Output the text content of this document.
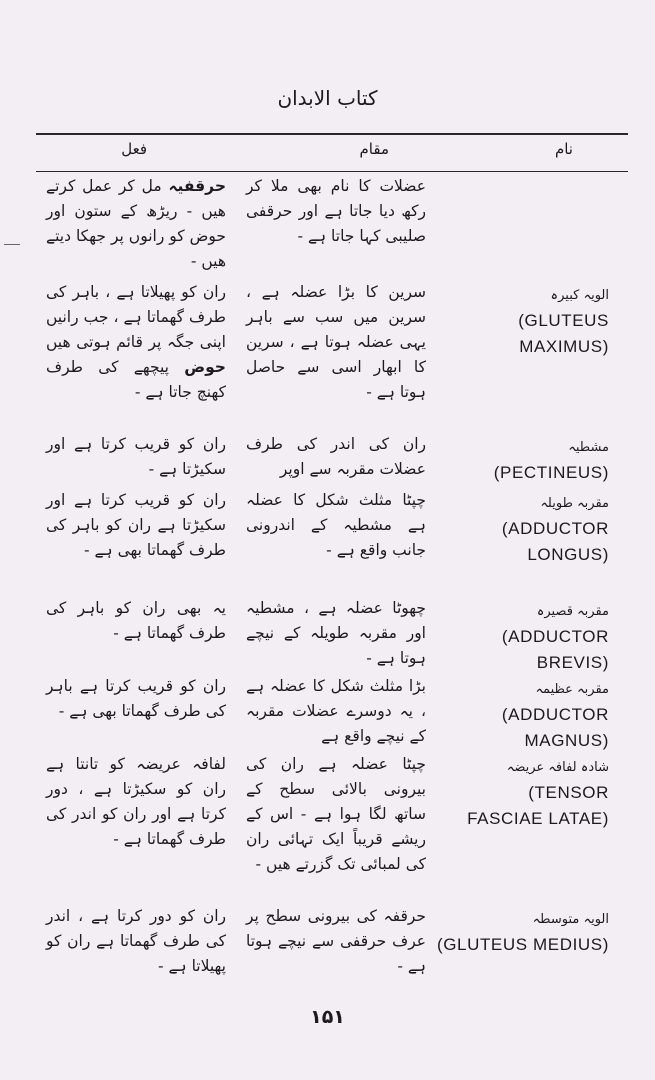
کتاب الابدان
نام
مقام
فعل
عضلات کا نام بھی ملا کر رکھ دیا جاتا ہے اور حرقفی صلیبی کہا جاتا ہے -
حرقفیہ مل کر عمل کرتے ھیں - ریڑھ کے ستون اور حوض کو رانوں پر جھکا دیتے ھیں -
الویہ کبیرہ
(GLUTEUS
MAXIMUS)
سرین کا بڑا عضلہ ہے ، سرین میں سب سے باہر یہی عضلہ ہوتا ہے ، سرین کا ابھار اسی سے حاصل ہوتا ہے -
ران کو پھیلاتا ہے ، باہر کی طرف گھماتا ہے ، جب رانیں اپنی جگہ پر قائم ہوتی ھیں حوض پیچھے کی طرف کھنچ جاتا ہے -
مشطیہ
(PECTINEUS)
ران کی اندر کی طرف عضلات مقربہ سے اوپر
ران کو قریب کرتا ہے اور سکیڑتا ہے -
مقربہ طویلہ
(ADDUCTOR
LONGUS)
چپٹا مثلث شکل کا عضلہ ہے مشطیہ کے اندرونی جانب واقع ہے -
ران کو قریب کرتا ہے اور سکیڑتا ہے ران کو باہر کی طرف گھماتا بھی ہے -
مقربہ قصیرہ
(ADDUCTOR
BREVIS)
چھوٹا عضلہ ہے ، مشطیہ اور مقربہ طویلہ کے نیچے ہوتا ہے -
یہ بھی ران کو باہر کی طرف گھماتا ہے -
مقربہ عظیمہ
(ADDUCTOR
MAGNUS)
بڑا مثلث شکل کا عضلہ ہے ، یہ دوسرے عضلات مقربہ کے نیچے واقع ہے
ران کو قریب کرتا ہے باہر کی طرف گھماتا بھی ہے -
شادہ لفافہ عریضہ
(TENSOR
FASCIAE LATAE)
چپٹا عضلہ ہے ران کی بیرونی بالائی سطح کے ساتھ لگا ہوا ہے - اس کے ریشے قریباً ایک تہائی ران کی لمبائی تک گزرتے ھیں -
لفافہ عریضہ کو تانتا ہے ران کو سکیڑتا ہے ، دور کرتا ہے اور ران کو اندر کی طرف گھماتا ہے -
الویہ متوسطہ
(GLUTEUS MEDIUS)
حرقفہ کی بیرونی سطح پر عرف حرقفی سے نیچے ہوتا ہے -
ران کو دور کرتا ہے ، اندر کی طرف گھماتا ہے ران کو پھیلاتا ہے -
۱۵۱
